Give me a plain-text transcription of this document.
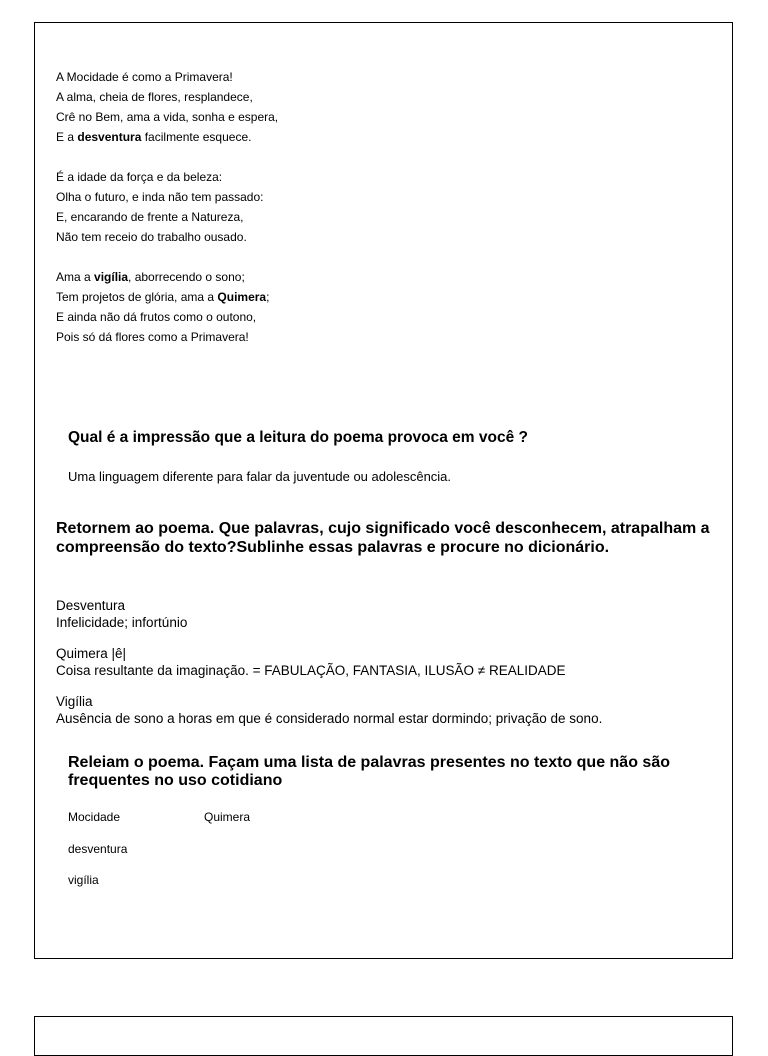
A Mocidade é como a Primavera!
A alma, cheia de flores, resplandece,
Crê no Bem, ama a vida, sonha e espera,
E a desventura facilmente esquece.
É a idade da força e da beleza:
Olha o futuro, e inda não tem passado:
E, encarando de frente a Natureza,
Não tem receio do trabalho ousado.
Ama a vigília, aborrecendo o sono;
Tem projetos de glória, ama a Quimera;
E ainda não dá frutos como o outono,
Pois só dá flores como a Primavera!
Qual é a impressão que a leitura do poema provoca em você ?
Uma linguagem diferente para falar da juventude ou adolescência.
Retornem ao poema. Que palavras, cujo significado você desconhecem, atrapalham a compreensão do texto?Sublinhe essas palavras e procure no dicionário.
Desventura
Infelicidade; infortúnio
Quimera |ê|
Coisa resultante da imaginação. = FABULAÇÃO, FANTASIA, ILUSÃO ≠ REALIDADE
Vigília
Ausência de sono a horas em que é considerado normal estar dormindo; privação de sono.
Releiam o poema. Façam uma lista de palavras presentes no texto que não são frequentes no uso cotidiano
Mocidade	Quimera
desventura
vigília
